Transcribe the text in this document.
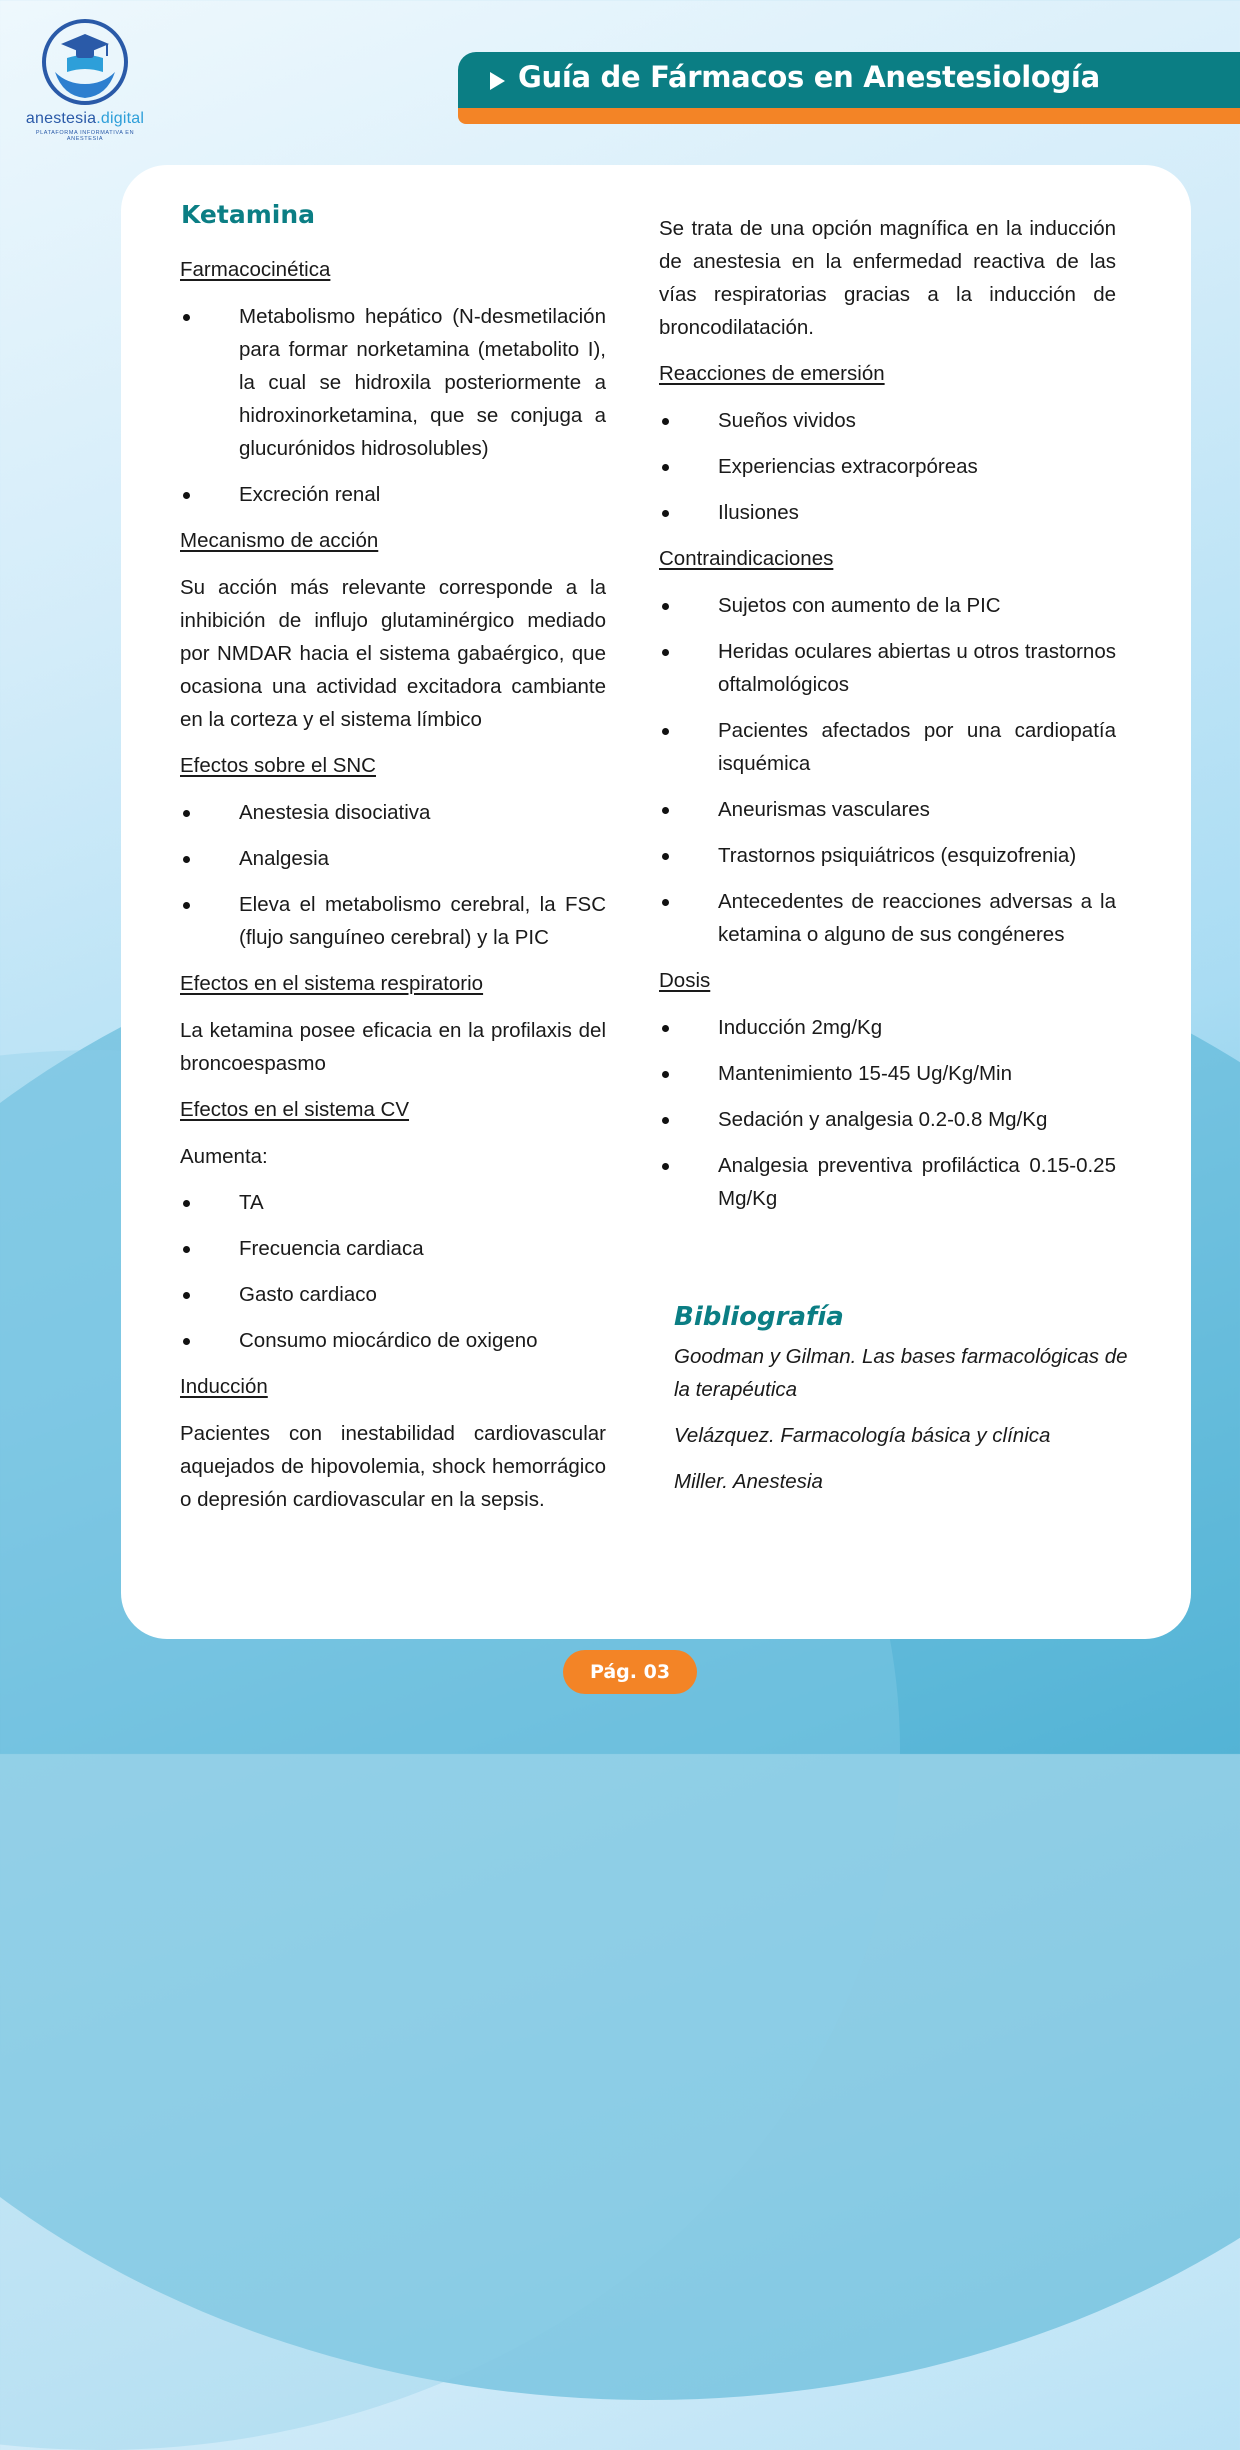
anestesia.digital
PLATAFORMA INFORMATIVA EN ANESTESIA
Guía de Fármacos en Anestesiología
Ketamina
Farmacocinética
Metabolismo hepático (N-desmetilación para formar norketamina (metabolito I), la cual se hidroxila posteriormente a hidroxinorketamina, que se conjuga a glucurónidos hidrosolubles)
Excreción renal
Mecanismo de acción

Su acción más relevante corresponde a la inhibición de influjo glutaminérgico mediado por NMDAR hacia el sistema gabaérgico, que ocasiona una actividad excitadora cambiante en la corteza y el sistema límbico

Efectos sobre el SNC
Anestesia disociativa
Analgesia
Eleva el metabolismo cerebral, la FSC (flujo sanguíneo cerebral) y la PIC
Efectos en el sistema respiratorio

La ketamina posee eficacia en la profilaxis del broncoespasmo

Efectos en el sistema CV

Aumenta:

TA
Frecuencia cardiaca
Gasto cardiaco
Consumo miocárdico de oxigeno
Inducción

Pacientes con inestabilidad cardiovascular aquejados de hipovolemia, shock hemorrágico o depresión cardiovascular en la sepsis.

Se trata de una opción magnífica en la inducción de anestesia en la enfermedad reactiva de las vías respiratorias gracias a la inducción de broncodilatación.

Reacciones de emersión
Sueños vividos
Experiencias extracorpóreas
Ilusiones
Contraindicaciones
Sujetos con aumento de la PIC
Heridas oculares abiertas u otros trastornos oftalmológicos
Pacientes afectados por una cardiopatía isquémica
Aneurismas vasculares
Trastornos psiquiátricos (esquizofrenia)
Antecedentes de reacciones adversas a la ketamina o alguno de sus congéneres
Dosis
Inducción 2mg/Kg
Mantenimiento 15-45 Ug/Kg/Min
Sedación y analgesia 0.2-0.8 Mg/Kg
Analgesia preventiva profiláctica 0.15-0.25 Mg/Kg
Bibliografía

Goodman y Gilman. Las bases farmacológicas de la terapéutica

Velázquez. Farmacología básica y clínica

Miller. Anestesia

Pág. 03
